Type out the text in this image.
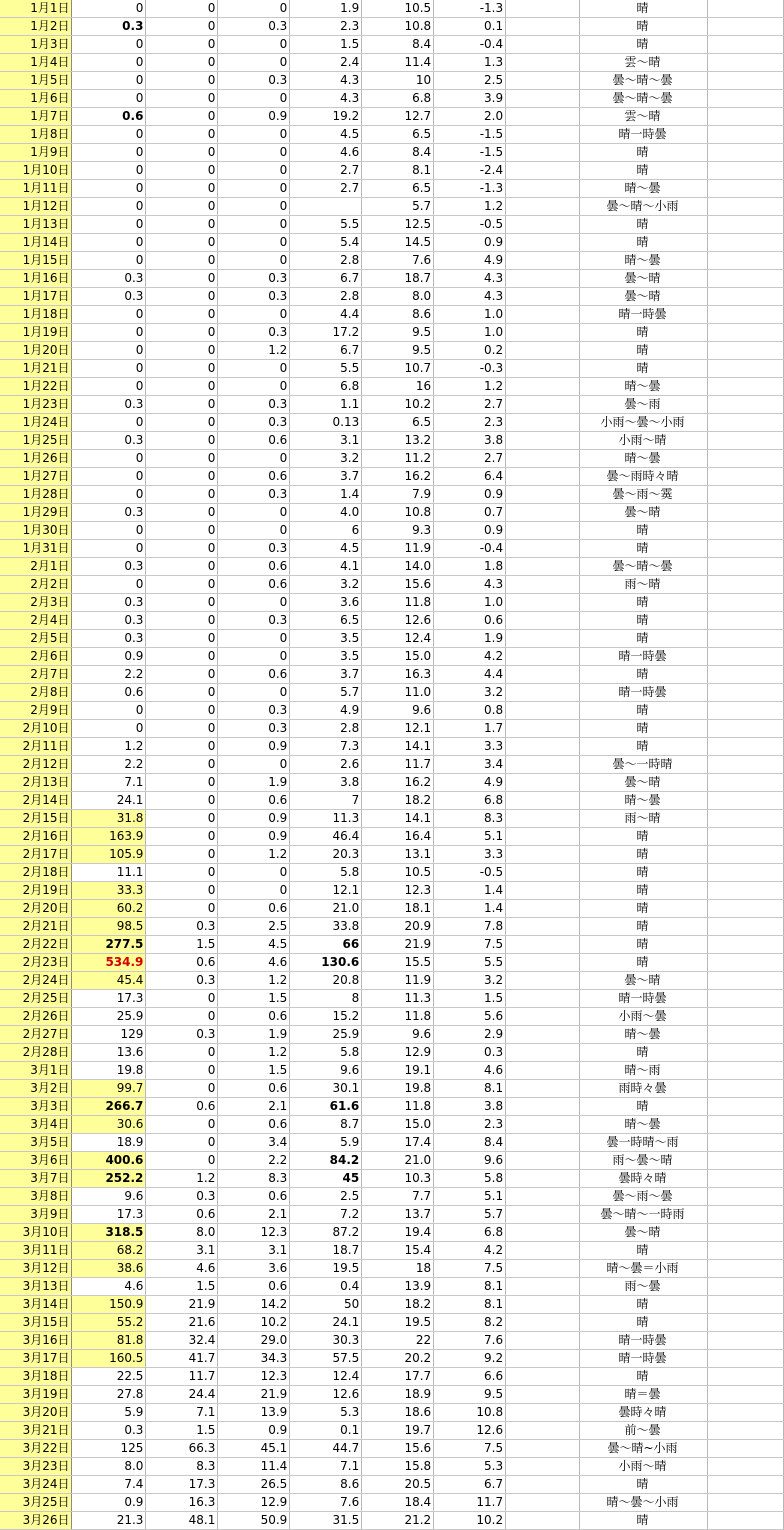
1月1日	0	0	0	1.9	10.5	-1.3		晴	
1月2日	0.3	0	0.3	2.3	10.8	0.1		晴	
1月3日	0	0	0	1.5	8.4	-0.4		晴	
1月4日	0	0	0	2.4	11.4	1.3		雲～晴	
1月5日	0	0	0.3	4.3	10	2.5		曇～晴～曇	
1月6日	0	0	0	4.3	6.8	3.9		曇～晴～曇	
1月7日	0.6	0	0.9	19.2	12.7	2.0		雲～晴	
1月8日	0	0	0	4.5	6.5	-1.5		晴一時曇	
1月9日	0	0	0	4.6	8.4	-1.5		晴	
1月10日	0	0	0	2.7	8.1	-2.4		晴	
1月11日	0	0	0	2.7	6.5	-1.3		晴～曇	
1月12日	0	0	0		5.7	1.2		曇～晴～小雨	
1月13日	0	0	0	5.5	12.5	-0.5		晴	
1月14日	0	0	0	5.4	14.5	0.9		晴	
1月15日	0	0	0	2.8	7.6	4.9		晴～曇	
1月16日	0.3	0	0.3	6.7	18.7	4.3		曇～晴	
1月17日	0.3	0	0.3	2.8	8.0	4.3		曇～晴	
1月18日	0	0	0	4.4	8.6	1.0		晴一時曇	
1月19日	0	0	0.3	17.2	9.5	1.0		晴	
1月20日	0	0	1.2	6.7	9.5	0.2		晴	
1月21日	0	0	0	5.5	10.7	-0.3		晴	
1月22日	0	0	0	6.8	16	1.2		晴～曇	
1月23日	0.3	0	0.3	1.1	10.2	2.7		曇～雨	
1月24日	0	0	0.3	0.13	6.5	2.3		小雨～曇～小雨	
1月25日	0.3	0	0.6	3.1	13.2	3.8		小雨～晴	
1月26日	0	0	0	3.2	11.2	2.7		晴～曇	
1月27日	0	0	0.6	3.7	16.2	6.4		曇～雨時々晴	
1月28日	0	0	0.3	1.4	7.9	0.9		曇～雨～霙	
1月29日	0.3	0	0	4.0	10.8	0.7		曇～晴	
1月30日	0	0	0	6	9.3	0.9		晴	
1月31日	0	0	0.3	4.5	11.9	-0.4		晴	
2月1日	0.3	0	0.6	4.1	14.0	1.8		曇～晴～曇	
2月2日	0	0	0.6	3.2	15.6	4.3		雨～晴	
2月3日	0.3	0	0	3.6	11.8	1.0		晴	
2月4日	0.3	0	0.3	6.5	12.6	0.6		晴	
2月5日	0.3	0	0	3.5	12.4	1.9		晴	
2月6日	0.9	0	0	3.5	15.0	4.2		晴一時曇	
2月7日	2.2	0	0.6	3.7	16.3	4.4		晴	
2月8日	0.6	0	0	5.7	11.0	3.2		晴一時曇	
2月9日	0	0	0.3	4.9	9.6	0.8		晴	
2月10日	0	0	0.3	2.8	12.1	1.7		晴	
2月11日	1.2	0	0.9	7.3	14.1	3.3		晴	
2月12日	2.2	0	0	2.6	11.7	3.4		曇～一時晴	
2月13日	7.1	0	1.9	3.8	16.2	4.9		曇～晴	
2月14日	24.1	0	0.6	7	18.2	6.8		晴～曇	
2月15日	31.8	0	0.9	11.3	14.1	8.3		雨～晴	
2月16日	163.9	0	0.9	46.4	16.4	5.1		晴	
2月17日	105.9	0	1.2	20.3	13.1	3.3		晴	
2月18日	11.1	0	0	5.8	10.5	-0.5		晴	
2月19日	33.3	0	0	12.1	12.3	1.4		晴	
2月20日	60.2	0	0.6	21.0	18.1	1.4		晴	
2月21日	98.5	0.3	2.5	33.8	20.9	7.8		晴	
2月22日	277.5	1.5	4.5	66	21.9	7.5		晴	
2月23日	534.9	0.6	4.6	130.6	15.5	5.5		晴	
2月24日	45.4	0.3	1.2	20.8	11.9	3.2		曇～晴	
2月25日	17.3	0	1.5	8	11.3	1.5		晴一時曇	
2月26日	25.9	0	0.6	15.2	11.8	5.6		小雨～曇	
2月27日	129	0.3	1.9	25.9	9.6	2.9		晴～曇	
2月28日	13.6	0	1.2	5.8	12.9	0.3		晴	
3月1日	19.8	0	1.5	9.6	19.1	4.6		晴～雨	
3月2日	99.7	0	0.6	30.1	19.8	8.1		雨時々曇	
3月3日	266.7	0.6	2.1	61.6	11.8	3.8		晴	
3月4日	30.6	0	0.6	8.7	15.0	2.3		晴～曇	
3月5日	18.9	0	3.4	5.9	17.4	8.4		曇一時晴～雨	
3月6日	400.6	0	2.2	84.2	21.0	9.6		雨～曇～晴	
3月7日	252.2	1.2	8.3	45	10.3	5.8		曇時々晴	
3月8日	9.6	0.3	0.6	2.5	7.7	5.1		曇～雨～曇	
3月9日	17.3	0.6	2.1	7.2	13.7	5.7		曇～晴～一時雨	
3月10日	318.5	8.0	12.3	87.2	19.4	6.8		曇～晴	
3月11日	68.2	3.1	3.1	18.7	15.4	4.2		晴	
3月12日	38.6	4.6	3.6	19.5	18	7.5		晴～曇＝小雨	
3月13日	4.6	1.5	0.6	0.4	13.9	8.1		雨～曇	
3月14日	150.9	21.9	14.2	50	18.2	8.1		晴	
3月15日	55.2	21.6	10.2	24.1	19.5	8.2		晴	
3月16日	81.8	32.4	29.0	30.3	22	7.6		晴一時曇	
3月17日	160.5	41.7	34.3	57.5	20.2	9.2		晴一時曇	
3月18日	22.5	11.7	12.3	12.4	17.7	6.6		晴	
3月19日	27.8	24.4	21.9	12.6	18.9	9.5		晴＝曇	
3月20日	5.9	7.1	13.9	5.3	18.6	10.8		曇時々晴	
3月21日	0.3	1.5	0.9	0.1	19.7	12.6		前～曇	
3月22日	125	66.3	45.1	44.7	15.6	7.5		曇～晴~小雨	
3月23日	8.0	8.3	11.4	7.1	15.8	5.3		小雨～晴	
3月24日	7.4	17.3	26.5	8.6	20.5	6.7		晴	
3月25日	0.9	16.3	12.9	7.6	18.4	11.7		晴～曇～小雨	
3月26日	21.3	48.1	50.9	31.5	21.2	10.2		晴	
